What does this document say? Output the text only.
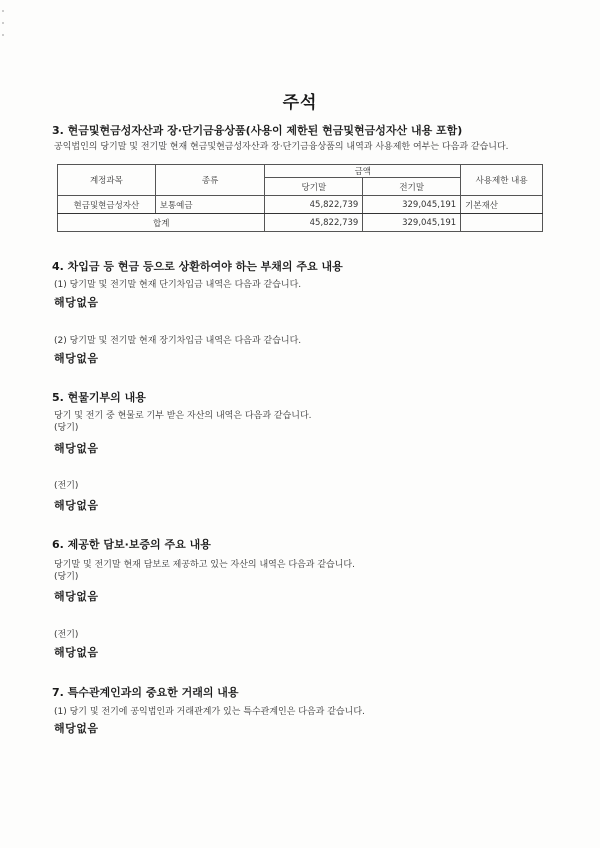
주석
3. 현금및현금성자산과 장·단기금융상품(사용이 제한된 현금및현금성자산 내용 포함)
공익법인의 당기말 및 전기말 현재 현금및현금성자산과 장·단기금융상품의 내역과 사용제한 여부는 다음과 같습니다.
계정과목	종류	금액		사용제한 내용
		당기말	전기말	
현금및현금성자산	보통예금	45,822,739	329,045,191	기본재산
합계		45,822,739	329,045,191	
4. 차입금 등 현금 등으로 상환하여야 하는 부채의 주요 내용
(1) 당기말 및 전기말 현재 단기차입금 내역은 다음과 같습니다.
해당없음
(2) 당기말 및 전기말 현재 장기차입금 내역은 다음과 같습니다.
해당없음
5. 현물기부의 내용
당기 및 전기 중 현물로 기부 받은 자산의 내역은 다음과 같습니다.
(당기)
해당없음
(전기)
해당없음
6. 제공한 담보·보증의 주요 내용
당기말 및 전기말 현재 담보로 제공하고 있는 자산의 내역은 다음과 같습니다.
(당기)
해당없음
(전기)
해당없음
7. 특수관계인과의 중요한 거래의 내용
(1) 당기 및 전기에 공익법인과 거래관계가 있는 특수관계인은 다음과 같습니다.
해당없음
